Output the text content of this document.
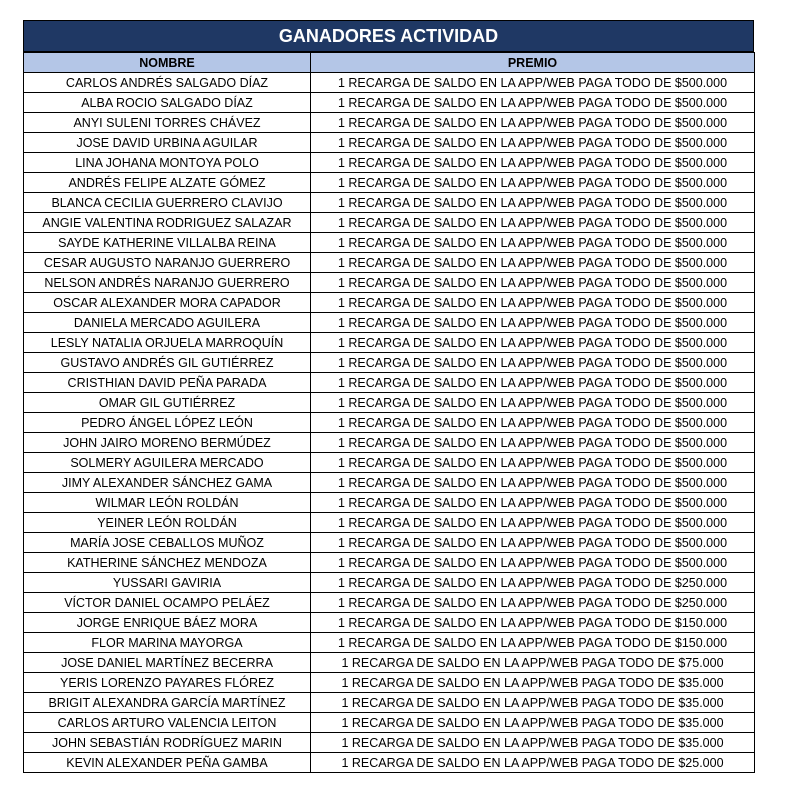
GANADORES ACTIVIDAD
NOMBRE	PREMIO
CARLOS ANDRÉS SALGADO DÍAZ	1 RECARGA DE SALDO EN LA APP/WEB PAGA TODO DE $500.000
ALBA ROCIO SALGADO DÍAZ	1 RECARGA DE SALDO EN LA APP/WEB PAGA TODO DE $500.000
ANYI SULENI TORRES CHÁVEZ	1 RECARGA DE SALDO EN LA APP/WEB PAGA TODO DE $500.000
JOSE DAVID URBINA AGUILAR	1 RECARGA DE SALDO EN LA APP/WEB PAGA TODO DE $500.000
LINA JOHANA MONTOYA POLO	1 RECARGA DE SALDO EN LA APP/WEB PAGA TODO DE $500.000
ANDRÉS FELIPE ALZATE GÓMEZ	1 RECARGA DE SALDO EN LA APP/WEB PAGA TODO DE $500.000
BLANCA CECILIA GUERRERO CLAVIJO	1 RECARGA DE SALDO EN LA APP/WEB PAGA TODO DE $500.000
ANGIE VALENTINA RODRIGUEZ SALAZAR	1 RECARGA DE SALDO EN LA APP/WEB PAGA TODO DE $500.000
SAYDE KATHERINE VILLALBA REINA	1 RECARGA DE SALDO EN LA APP/WEB PAGA TODO DE $500.000
CESAR AUGUSTO NARANJO GUERRERO	1 RECARGA DE SALDO EN LA APP/WEB PAGA TODO DE $500.000
NELSON ANDRÉS NARANJO GUERRERO	1 RECARGA DE SALDO EN LA APP/WEB PAGA TODO DE $500.000
OSCAR ALEXANDER MORA CAPADOR	1 RECARGA DE SALDO EN LA APP/WEB PAGA TODO DE $500.000
DANIELA MERCADO AGUILERA	1 RECARGA DE SALDO EN LA APP/WEB PAGA TODO DE $500.000
LESLY NATALIA ORJUELA MARROQUÍN	1 RECARGA DE SALDO EN LA APP/WEB PAGA TODO DE $500.000
GUSTAVO ANDRÉS GIL GUTIÉRREZ	1 RECARGA DE SALDO EN LA APP/WEB PAGA TODO DE $500.000
CRISTHIAN DAVID PEÑA PARADA	1 RECARGA DE SALDO EN LA APP/WEB PAGA TODO DE $500.000
OMAR GIL GUTIÉRREZ	1 RECARGA DE SALDO EN LA APP/WEB PAGA TODO DE $500.000
PEDRO ÁNGEL LÓPEZ LEÓN	1 RECARGA DE SALDO EN LA APP/WEB PAGA TODO DE $500.000
JOHN JAIRO MORENO BERMÚDEZ	1 RECARGA DE SALDO EN LA APP/WEB PAGA TODO DE $500.000
SOLMERY AGUILERA MERCADO	1 RECARGA DE SALDO EN LA APP/WEB PAGA TODO DE $500.000
JIMY ALEXANDER SÁNCHEZ GAMA	1 RECARGA DE SALDO EN LA APP/WEB PAGA TODO DE $500.000
WILMAR LEÓN ROLDÁN	1 RECARGA DE SALDO EN LA APP/WEB PAGA TODO DE $500.000
YEINER LEÓN ROLDÁN	1 RECARGA DE SALDO EN LA APP/WEB PAGA TODO DE $500.000
MARÍA JOSE CEBALLOS MUÑOZ	1 RECARGA DE SALDO EN LA APP/WEB PAGA TODO DE $500.000
KATHERINE SÁNCHEZ MENDOZA	1 RECARGA DE SALDO EN LA APP/WEB PAGA TODO DE $500.000
YUSSARI GAVIRIA	1 RECARGA DE SALDO EN LA APP/WEB PAGA TODO DE $250.000
VÍCTOR DANIEL OCAMPO PELÁEZ	1 RECARGA DE SALDO EN LA APP/WEB PAGA TODO DE $250.000
JORGE ENRIQUE BÁEZ MORA	1 RECARGA DE SALDO EN LA APP/WEB PAGA TODO DE $150.000
FLOR MARINA MAYORGA	1 RECARGA DE SALDO EN LA APP/WEB PAGA TODO DE $150.000
JOSE DANIEL MARTÍNEZ BECERRA	1 RECARGA DE SALDO EN LA APP/WEB PAGA TODO DE $75.000
YERIS LORENZO PAYARES FLÓREZ	1 RECARGA DE SALDO EN LA APP/WEB PAGA TODO DE $35.000
BRIGIT ALEXANDRA GARCÍA MARTÍNEZ	1 RECARGA DE SALDO EN LA APP/WEB PAGA TODO DE $35.000
CARLOS ARTURO VALENCIA LEITON	1 RECARGA DE SALDO EN LA APP/WEB PAGA TODO DE $35.000
JOHN SEBASTIÁN RODRÍGUEZ MARIN	1 RECARGA DE SALDO EN LA APP/WEB PAGA TODO DE $35.000
KEVIN ALEXANDER PEÑA GAMBA	1 RECARGA DE SALDO EN LA APP/WEB PAGA TODO DE $25.000
